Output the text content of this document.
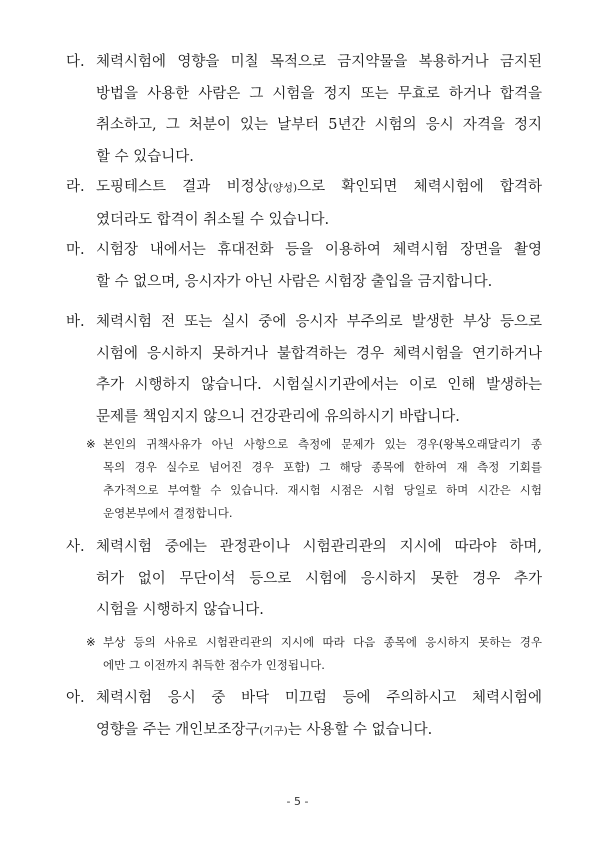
다. 체력시험에 영향을 미칠 목적으로 금지약물을 복용하거나 금지된
방법을 사용한 사람은 그 시험을 정지 또는 무효로 하거나 합격을
취소하고, 그 처분이 있는 날부터 5년간 시험의 응시 자격을 정지
할 수 있습니다.
라. 도핑테스트 결과 비정상(양성)으로 확인되면 체력시험에 합격하
였더라도 합격이 취소될 수 있습니다.
마. 시험장 내에서는 휴대전화 등을 이용하여 체력시험 장면을 촬영
할 수 없으며, 응시자가 아닌 사람은 시험장 출입을 금지합니다.
바. 체력시험 전 또는 실시 중에 응시자 부주의로 발생한 부상 등으로
시험에 응시하지 못하거나 불합격하는 경우 체력시험을 연기하거나
추가 시행하지 않습니다. 시험실시기관에서는 이로 인해 발생하는
문제를 책임지지 않으니 건강관리에 유의하시기 바랍니다.
※ 본인의 귀책사유가 아닌 사항으로 측정에 문제가 있는 경우(왕복오래달리기 종
목의 경우 실수로 넘어진 경우 포함) 그 해당 종목에 한하여 재 측정 기회를
추가적으로 부여할 수 있습니다. 재시험 시점은 시험 당일로 하며 시간은 시험
운영본부에서 결정합니다.
사. 체력시험 중에는 관정관이나 시험관리관의 지시에 따라야 하며,
허가 없이 무단이석 등으로 시험에 응시하지 못한 경우 추가
시험을 시행하지 않습니다.
※ 부상 등의 사유로 시험관리관의 지시에 따라 다음 종목에 응시하지 못하는 경우
에만 그 이전까지 취득한 점수가 인정됩니다.
아. 체력시험 응시 중 바닥 미끄럼 등에 주의하시고 체력시험에
영향을 주는 개인보조장구(기구)는 사용할 수 없습니다.
- 5 -
